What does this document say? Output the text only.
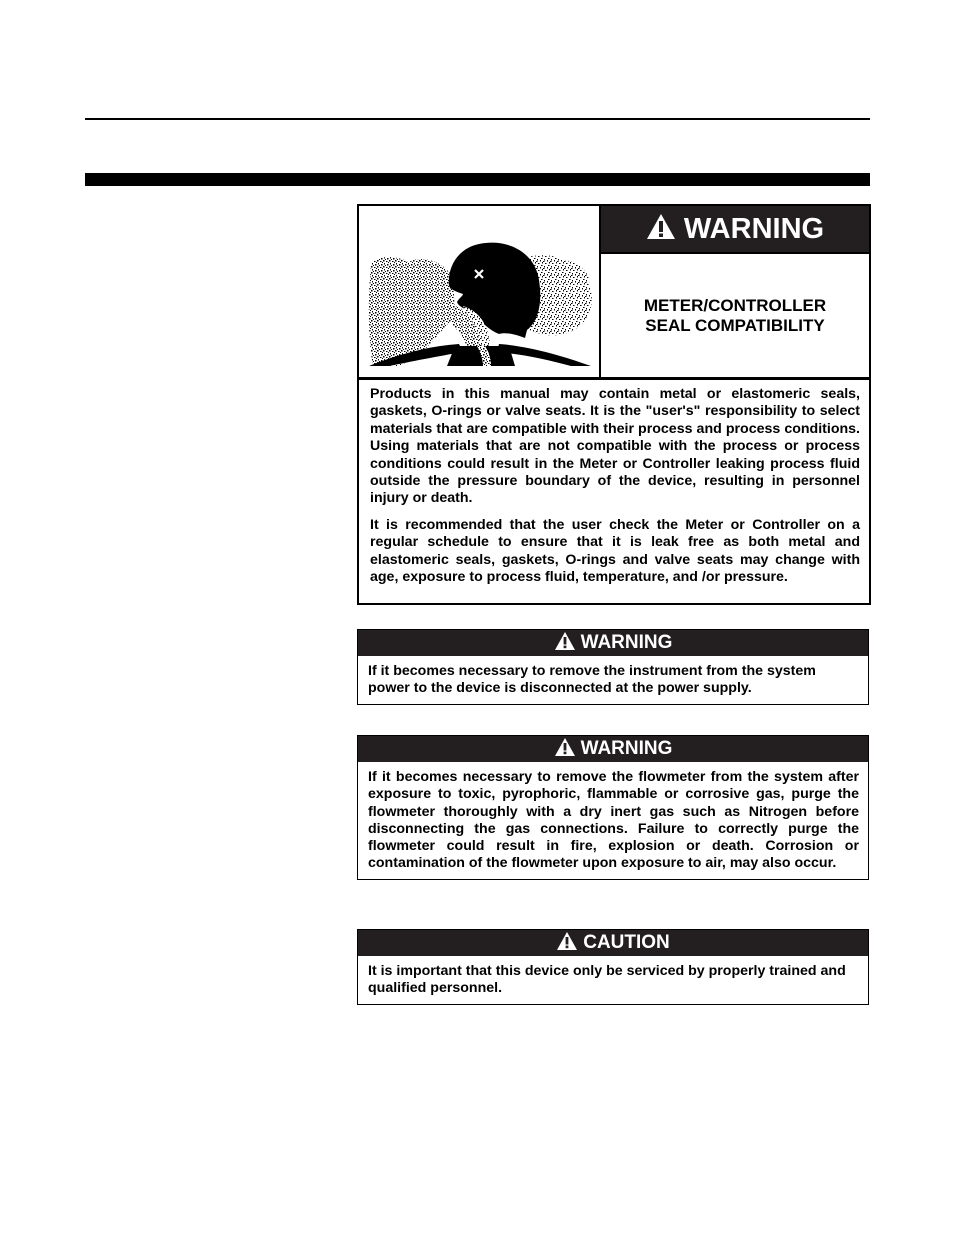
WARNING
METER/CONTROLLER
SEAL COMPATIBILITY

Products in this manual may contain metal or elastomeric seals, gaskets, O-rings or valve seats. It is the "user's" responsibility to select materials that are compatible with their process and process conditions. Using materials that are not compatible with the process or process conditions could result in the Meter or Controller leaking process fluid outside the pressure boundary of the device, resulting in personnel injury or death.

It is recommended that the user check the Meter or Controller on a regular schedule to ensure that it is leak free as both metal and elastomeric seals, gaskets, O-rings and valve seats may change with age, exposure to process fluid, temperature, and /or pressure.

WARNING
If it becomes necessary to remove the instrument from the system power to the device is disconnected at the power supply.
WARNING
If it becomes necessary to remove the flowmeter from the system after exposure to toxic, pyrophoric, flammable or corrosive gas, purge the flowmeter thoroughly with a dry inert gas such as Nitrogen before disconnecting the gas connections. Failure to correctly purge the flowmeter could result in fire, explosion or death. Corrosion or contamination of the flowmeter upon exposure to air, may also occur.
CAUTION
It is important that this device only be serviced by properly trained and qualified personnel.
